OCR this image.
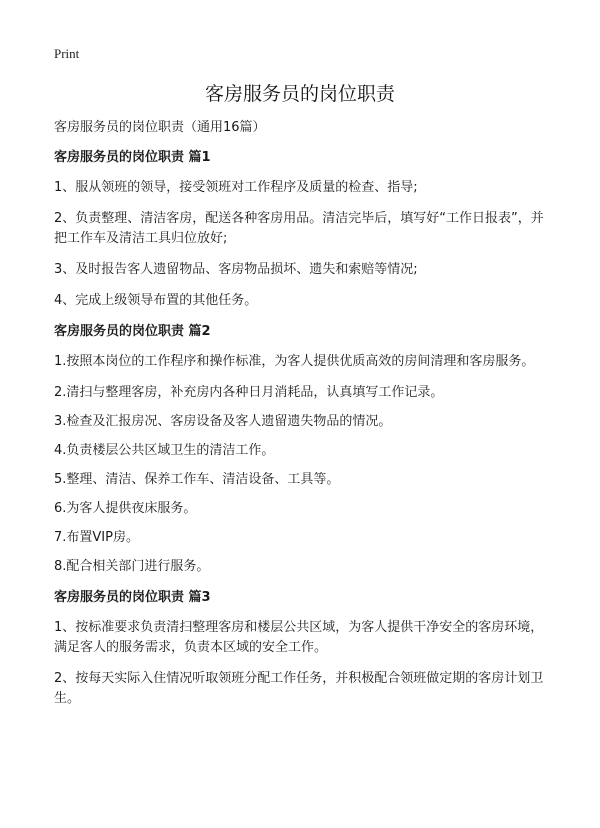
Print
客房服务员的岗位职责

客房服务员的岗位职责（通用16篇）

客房服务员的岗位职责 篇1

1、服从领班的领导，接受领班对工作程序及质量的检查、指导;

2、负责整理、清洁客房，配送各种客房用品。清洁完毕后，填写好“工作日报表”，并把工作车及清洁工具归位放好;

3、及时报告客人遗留物品、客房物品损坏、遗失和索赔等情况;

4、完成上级领导布置的其他任务。

客房服务员的岗位职责 篇2

1.按照本岗位的工作程序和操作标准，为客人提供优质高效的房间清理和客房服务。

2.清扫与整理客房，补充房内各种日月消耗品，认真填写工作记录。

3.检查及汇报房况、客房设备及客人遗留遗失物品的情况。

4.负责楼层公共区域卫生的清洁工作。

5.整理、清洁、保养工作车、清洁设备、工具等。

6.为客人提供夜床服务。

7.布置VIP房。

8.配合相关部门进行服务。

客房服务员的岗位职责 篇3

1、按标准要求负责清扫整理客房和楼层公共区域，为客人提供干净安全的客房环境，满足客人的服务需求，负责本区域的安全工作。

2、按每天实际入住情况听取领班分配工作任务，并积极配合领班做定期的客房计划卫生。
